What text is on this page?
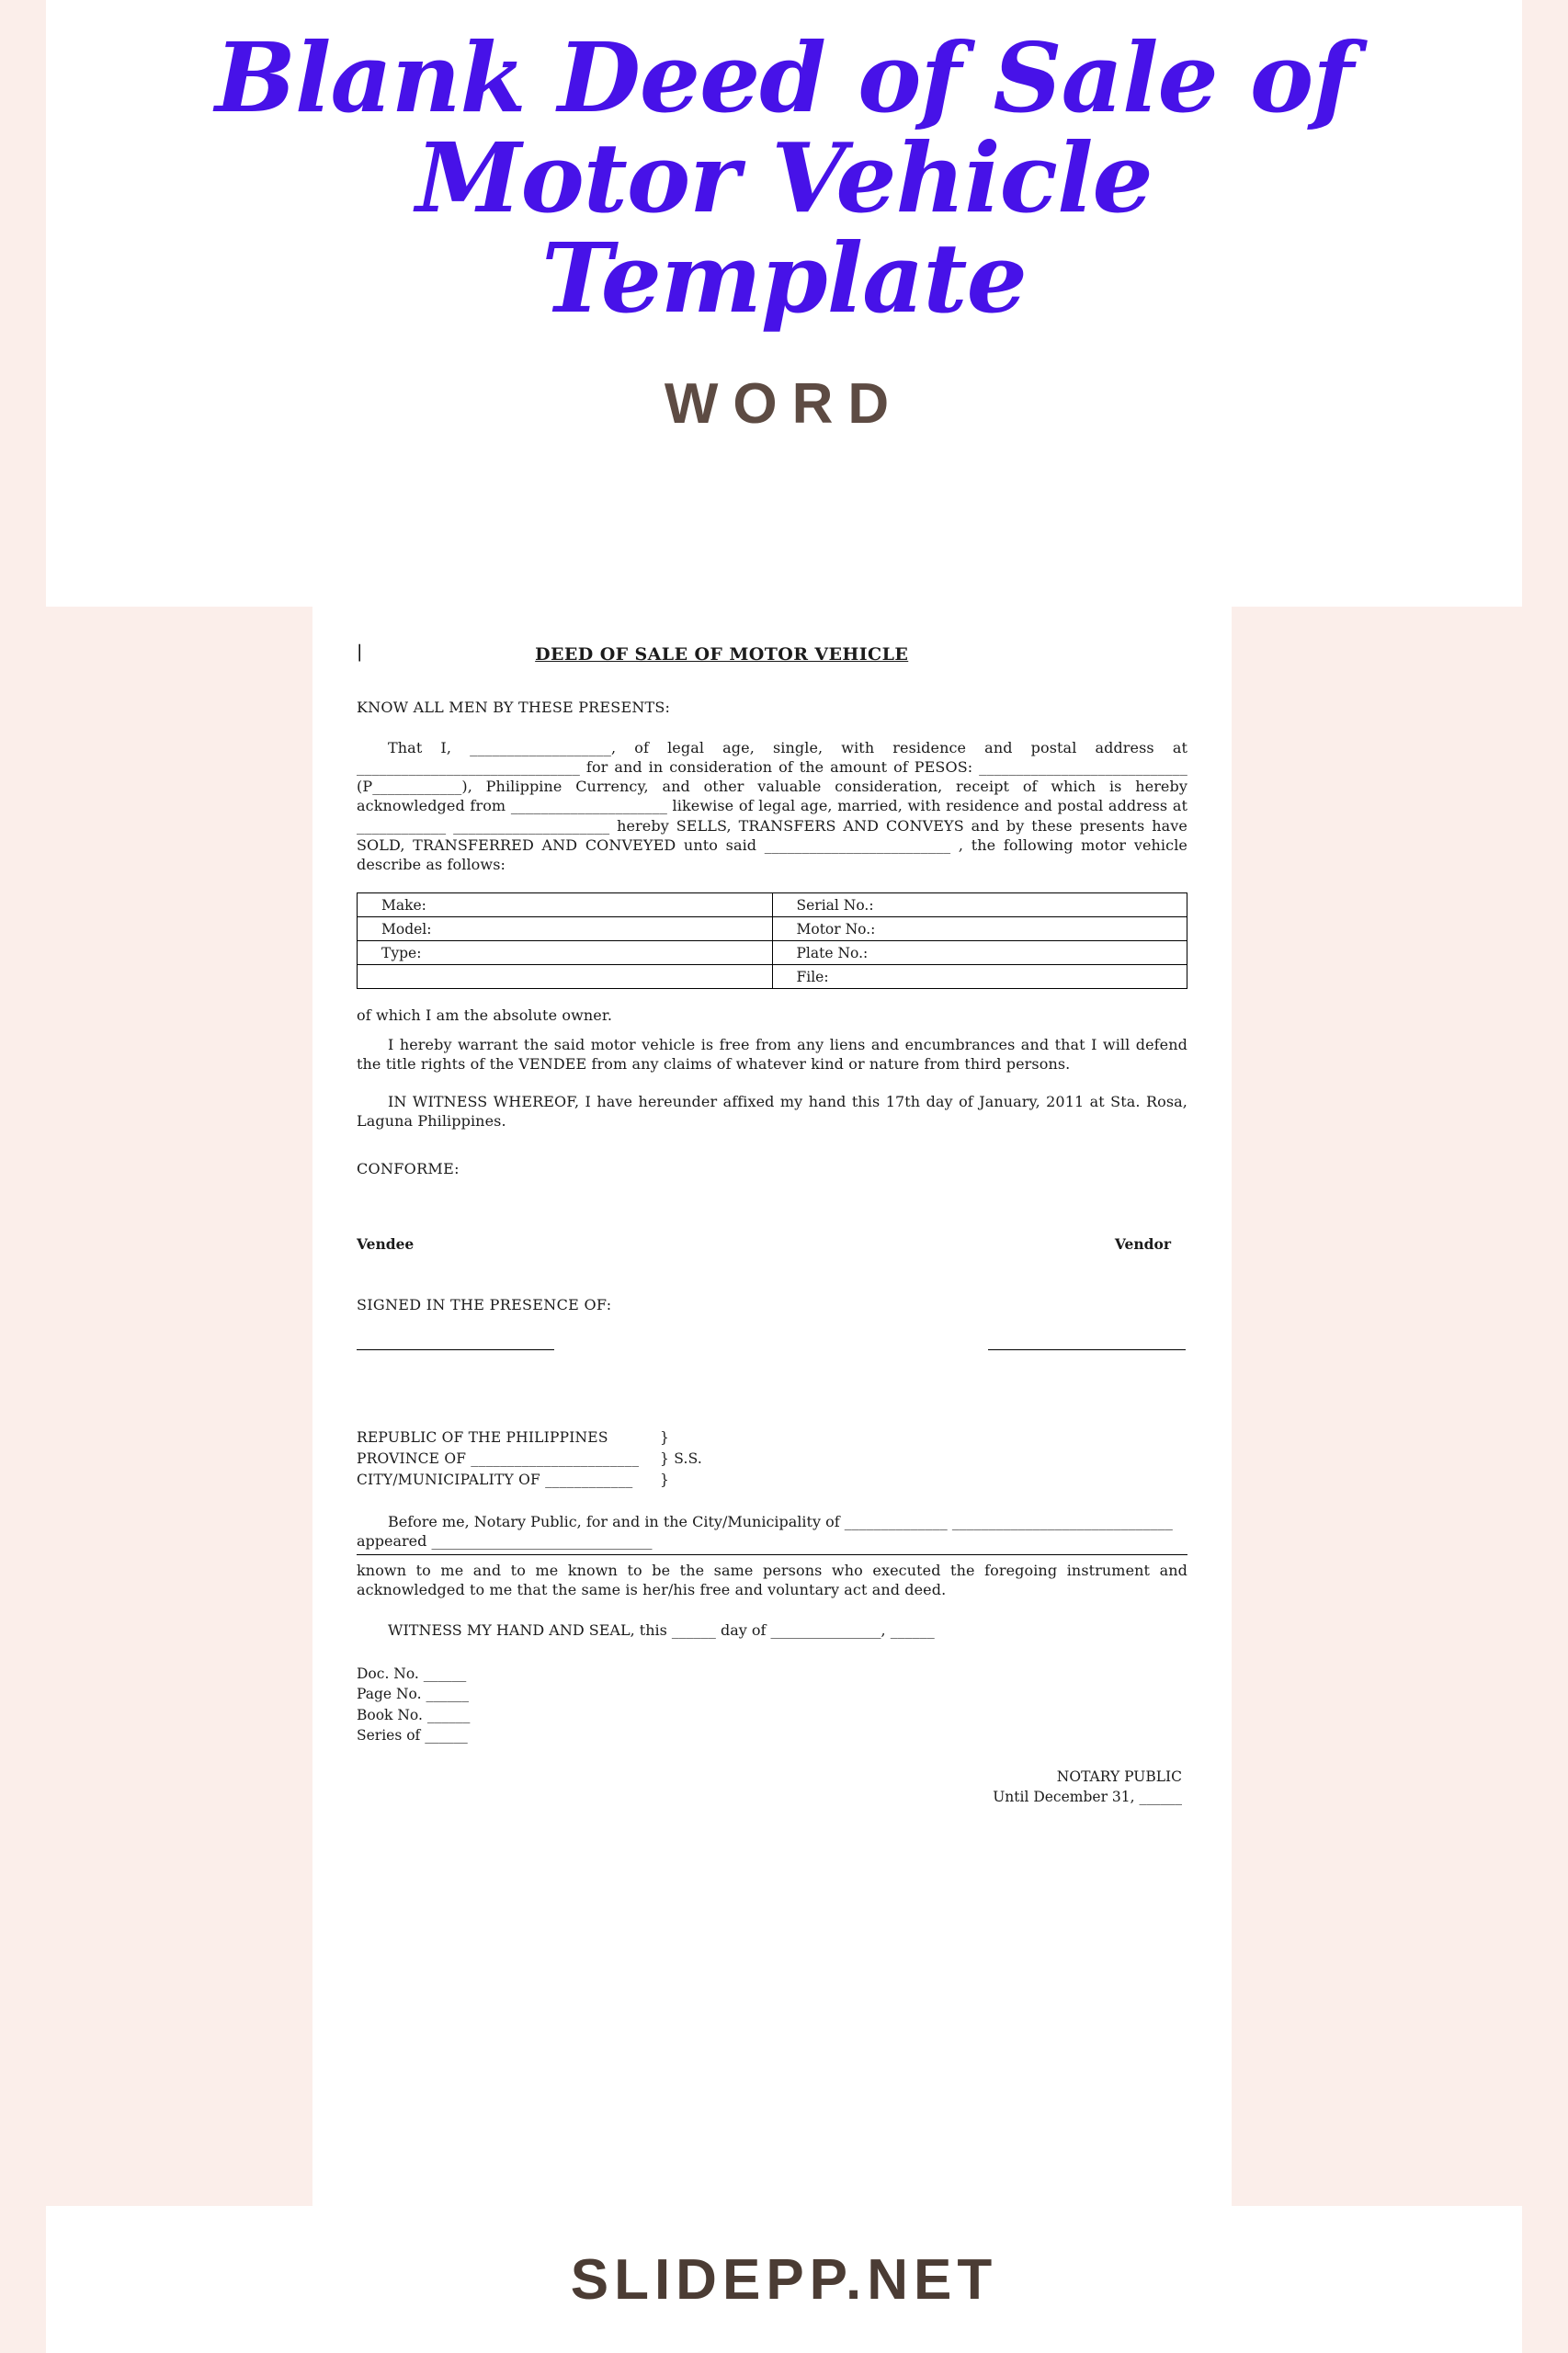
Blank Deed of Sale of
Motor Vehicle
Template
WORD
|	DEED OF SALE OF MOTOR VEHICLE
KNOW ALL MEN BY THESE PRESENTS:

That I, ___________________, of legal age, single, with residence and postal address at ______________________________ for and in consideration of the amount of PESOS: ____________________________ (P____________), Philippine Currency, and other valuable consideration, receipt of which is hereby acknowledged from _____________________ likewise of legal age, married, with residence and postal address at ____________ _____________________ hereby SELLS, TRANSFERS AND CONVEYS and by these presents have SOLD, TRANSFERRED AND CONVEYED unto said _________________________ , the following motor vehicle describe as follows:

Make:	Serial No.:
Model:	Motor No.:
Type:	Plate No.:
	File:

of which I am the absolute owner.

I hereby warrant the said motor vehicle is free from any liens and encumbrances and that I will defend the title rights of the VENDEE from any claims of whatever kind or nature from third persons.

IN WITNESS WHEREOF, I have hereunder affixed my hand this 17th day of January, 2011 at Sta. Rosa, Laguna Philippines.

CONFORME:
Vendee	Vendor
SIGNED IN THE PRESENCE OF:
REPUBLIC OF THE PHILIPPINES	}
PROVINCE OF _______________________	} S.S.
CITY/MUNICIPALITY OF ____________	}
Before me, Notary Public, for and in the City/Municipality of ______________ ______________________________ appeared ______________________________

known to me and to me known to be the same persons who executed the foregoing instrument and acknowledged to me that the same is her/his free and voluntary act and deed.

WITNESS MY HAND AND SEAL, this ______ day of _______________, ______
Doc. No. ______
Page No. ______
Book No. ______
Series of ______
NOTARY PUBLIC
Until December 31, ______
SLIDEPP.NET
